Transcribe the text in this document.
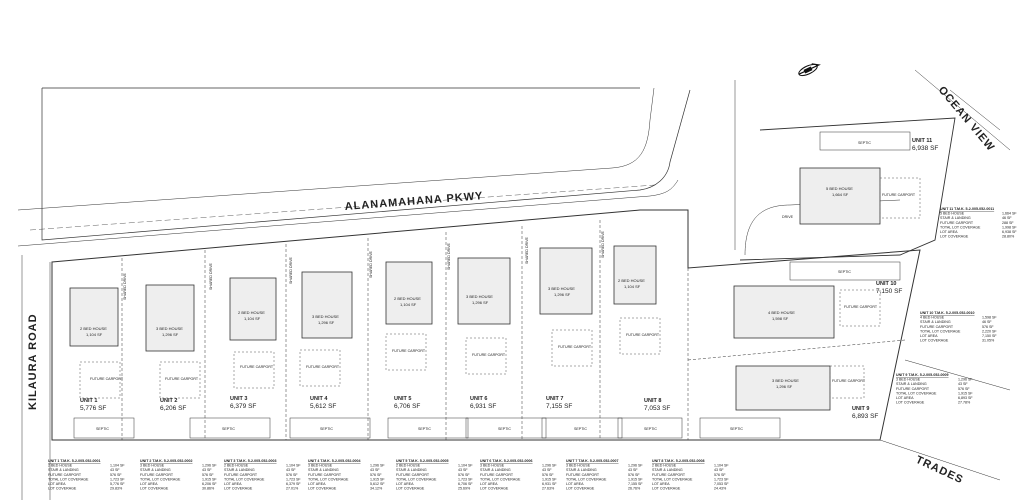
ALANAMAHANA PKWY
KILAURA ROAD
OCEAN VIEW
TRADES
2 BED HOUSE
1,104 SF
UNIT 1
5,776 SF
3 BED HOUSE
1,296 SF
UNIT 2
6,206 SF
2 BED HOUSE
1,104 SF
UNIT 3
6,379 SF
3 BED HOUSE
1,296 SF
UNIT 4
5,612 SF
2 BED HOUSE
1,104 SF
UNIT 5
6,706 SF
3 BED HOUSE
1,296 SF
UNIT 6
6,931 SF
3 BED HOUSE
1,296 SF
UNIT 7
7,155 SF
2 BED HOUSE
1,104 SF
UNIT 8
7,053 SF
3 BED HOUSE
1,296 SF
UNIT 9
6,893 SF
4 BED HOUSE
1,598 SF
UNIT 10
7,150 SF
5 BED HOUSE
1,664 SF
UNIT 11
6,938 SF
FUTURE CARPORT	FUTURE CARPORT
FUTURE CARPORT	FUTURE CARPORT
FUTURE CARPORT
FUTURE CARPORT
FUTURE CARPORT
FUTURE CARPORT
FUTURE CARPORT
FUTURE CARPORT
FUTURE CARPORT
SEPTIC	SEPTIC	SEPTIC	SEPTIC	SEPTIC	SEPTIC	SEPTIC	SEPTIC
SEPTIC
SEPTIC
SHARED DRIVE	SHARED DRIVE	SHARED DRIVE	SHARED DRIVE	SHARED DRIVE	SHARED DRIVE	SHARED DRIVE
DRIVE
UNIT 1 T.M.K. 5-2-005-052-0001
2 BED HOUSE	1,104 SF
STAIR & LANDING	43 SF
FUTURE CARPORT	576 SF
TOTAL LOT COVERAGE	1,723 SF
LOT AREA	5,776 SF
LOT COVERAGE	29.83%
UNIT 2 T.M.K. 5-2-005-052-0002
3 BED HOUSE	1,296 SF
STAIR & LANDING	43 SF
FUTURE CARPORT	576 SF
TOTAL LOT COVERAGE	1,915 SF
LOT AREA	6,206 SF
LOT COVERAGE	30.86%
UNIT 3 T.M.K. 5-2-005-052-0003
2 BED HOUSE	1,104 SF
STAIR & LANDING	43 SF
FUTURE CARPORT	576 SF
TOTAL LOT COVERAGE	1,723 SF
LOT AREA	6,379 SF
LOT COVERAGE	27.01%
UNIT 4 T.M.K. 5-2-005-052-0004
3 BED HOUSE	1,296 SF
STAIR & LANDING	43 SF
FUTURE CARPORT	576 SF
TOTAL LOT COVERAGE	1,915 SF
LOT AREA	5,612 SF
LOT COVERAGE	34.12%
UNIT 5 T.M.K. 5-2-005-052-0005
2 BED HOUSE	1,104 SF
STAIR & LANDING	43 SF
FUTURE CARPORT	576 SF
TOTAL LOT COVERAGE	1,723 SF
LOT AREA	6,706 SF
LOT COVERAGE	25.69%
UNIT 6 T.M.K. 5-2-005-052-0006
3 BED HOUSE	1,296 SF
STAIR & LANDING	43 SF
FUTURE CARPORT	576 SF
TOTAL LOT COVERAGE	1,915 SF
LOT AREA	6,931 SF
LOT COVERAGE	27.63%
UNIT 7 T.M.K. 5-2-005-052-0007
3 BED HOUSE	1,296 SF
STAIR & LANDING	43 SF
FUTURE CARPORT	576 SF
TOTAL LOT COVERAGE	1,915 SF
LOT AREA	7,155 SF
LOT COVERAGE	26.76%
UNIT 8 T.M.K. 5-2-005-052-0008
2 BED HOUSE	1,104 SF
STAIR & LANDING	43 SF
FUTURE CARPORT	576 SF
TOTAL LOT COVERAGE	1,723 SF
LOT AREA	7,053 SF
LOT COVERAGE	24.43%
UNIT 9 T.M.K. 5-2-005-052-0009
3 BED HOUSE	1,296 SF
STAIR & LANDING	43 SF
FUTURE CARPORT	576 SF
TOTAL LOT COVERAGE	1,915 SF
LOT AREA	6,893 SF
LOT COVERAGE	27.78%
UNIT 10 T.M.K. 5-2-005-052-0010
4 BED HOUSE	1,598 SF
STAIR & LANDING	46 SF
FUTURE CARPORT	576 SF
TOTAL LOT COVERAGE	2,220 SF
LOT AREA	7,150 SF
LOT COVERAGE	31.05%
UNIT 11 T.M.K. 5-2-005-052-0011
5 BED HOUSE	1,664 SF
STAIR & LANDING	46 SF
FUTURE CARPORT	288 SF
TOTAL LOT COVERAGE	1,998 SF
LOT AREA	6,938 SF
LOT COVERAGE	28.80%
